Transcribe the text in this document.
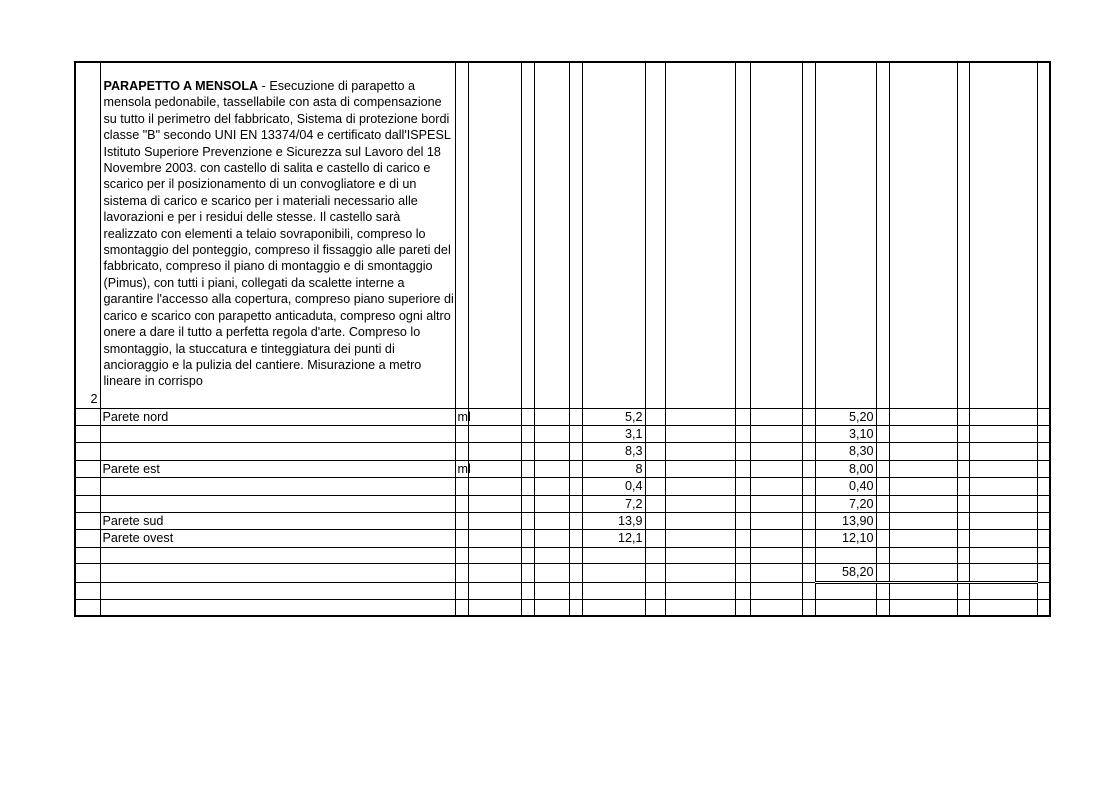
2	PARAPETTO A MENSOLA - Esecuzione di parapetto a mensola pedonabile, tassellabile con asta di compensazione su tutto il perimetro del fabbricato, Sistema di protezione bordi classe "B" secondo UNI EN 13374/04 e certificato dall'ISPESL Istituto Superiore Prevenzione e Sicurezza sul Lavoro del 18 Novembre 2003. con castello di salita e castello di carico e scarico per il posizionamento di un convogliatore e di un sistema di carico e scarico per i materiali necessario alle lavorazioni e per i residui delle stesse. Il castello sarà realizzato con elementi a telaio sovraponibili, compreso lo smontaggio del ponteggio, compreso il fissaggio alle pareti del fabbricato, compreso il piano di montaggio e di smontaggio (Pimus), con tutti i piani, collegati da scalette interne a garantire l'accesso alla copertura, compreso piano superiore di carico e scarico con parapetto anticaduta, compreso ogni altro onere a dare il tutto a perfetta regola d'arte. Compreso lo smontaggio, la stuccatura e tinteggiatura dei punti di ancioraggio e la pulizia del cantiere. Misurazione a metro lineare in corrispo																	
	Parete nord	ml					5,2						5,20					
							3,1						3,10					
							8,3						8,30					
	Parete est	ml					8						8,00					
							0,4						0,40					
							7,2						7,20					
	Parete sud						13,9						13,90					
	Parete ovest						12,1						12,10					

													58,20					
